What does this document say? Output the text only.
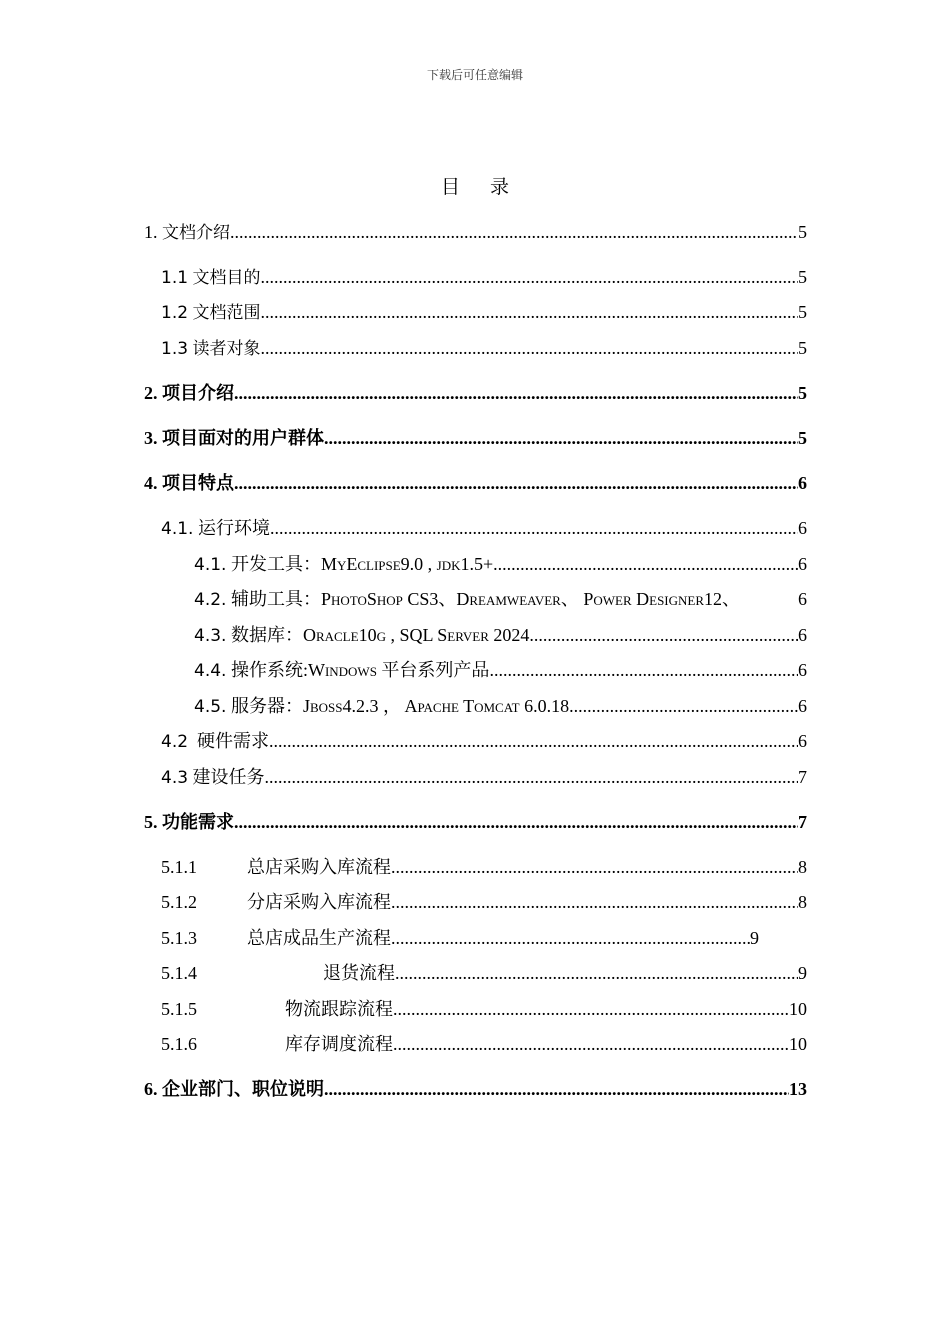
下载后可任意编辑
目录
1. 文档介绍 .....	5
1.1 文档目的 .....	5
1.2 文档范围 .....	5
1.3 读者对象 .....	5
2. 项目介绍 .....	5
3. 项目面对的用户群体 .....	5
4. 项目特点 .....	6
4.1. 运行环境 .....	6
4.1. 开发工具：MyEclipse9.0 , jdk1.5+ .....	6
4.2. 辅助工具：PhotoShop CS3、Dreamweaver、 Power Designer12、	6
4.3. 数据库：Oracle10g , SQL Server 2024 .....	6
4.4. 操作系统:Windows 平台系列产品 .....	6
4.5. 服务器：Jboss4.2.3 ， Apache Tomcat 6.0.18 .....	6
4.2 硬件需求 .....	6
4.3 建设任务 .....	7
5. 功能需求 .....	7
5.1.1	总店采购入库流程 .....	8
5.1.2	分店采购入库流程 .....	8
5.1.3	总店成品生产流程 .....	9
5.1.4	退货流程 .....	9
5.1.5	物流跟踪流程 .....	10
5.1.6	库存调度流程 .....	10
6. 企业部门、职位说明 .....	13
